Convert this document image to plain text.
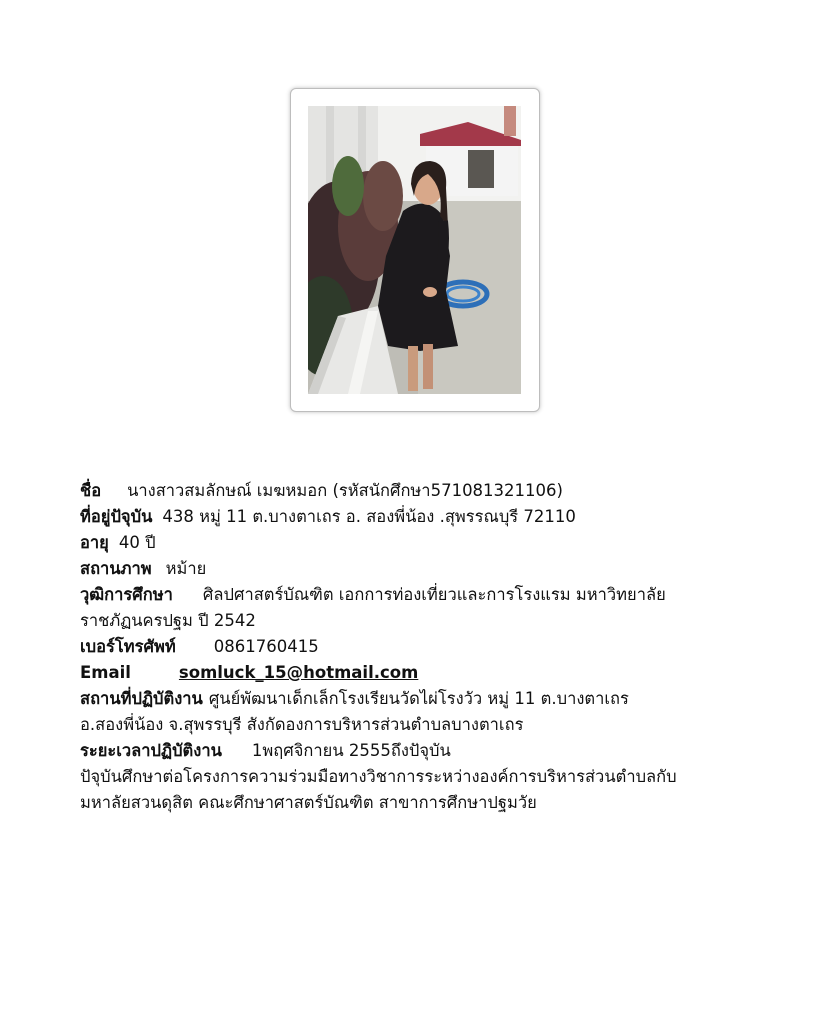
ชื่อ นางสาวสมลักษณ์ เมฆหมอก (รหัสนักศึกษา571081321106)
ที่อยู่ปัจุบัน 438 หมู่ 11 ต.บางตาเถร อ. สองพี่น้อง .สุพรรณบุรี 72110
อายุ 40 ปี
สถานภาพ หม้าย
วุฒิการศึกษา ศิลปศาสตร์บัณฑิต เอกการท่องเที่ยวและการโรงแรม มหาวิทยาลัย
ราชภัฏนครปฐม ปี 2542
เบอร์โทรศัพท์ 0861760415
Email	somluck_15@hotmail.com
สถานที่ปฏิบัติงาน ศูนย์พัฒนาเด็กเล็กโรงเรียนวัดไผ่โรงวัว หมู่ 11 ต.บางตาเถร
อ.สองพี่น้อง จ.สุพรรบุรี สังกัดองการบริหารส่วนตำบลบางตาเถร
ระยะเวลาปฏิบัติงาน 1พฤศจิกายน 2555ถึงปัจุบัน
ปัจุบันศึกษาต่อโครงการความร่วมมือทางวิชาการระหว่างองค์การบริหารส่วนตำบลกับ
มหาลัยสวนดุสิต คณะศึกษาศาสตร์บัณฑิต สาขาการศึกษาปฐมวัย
